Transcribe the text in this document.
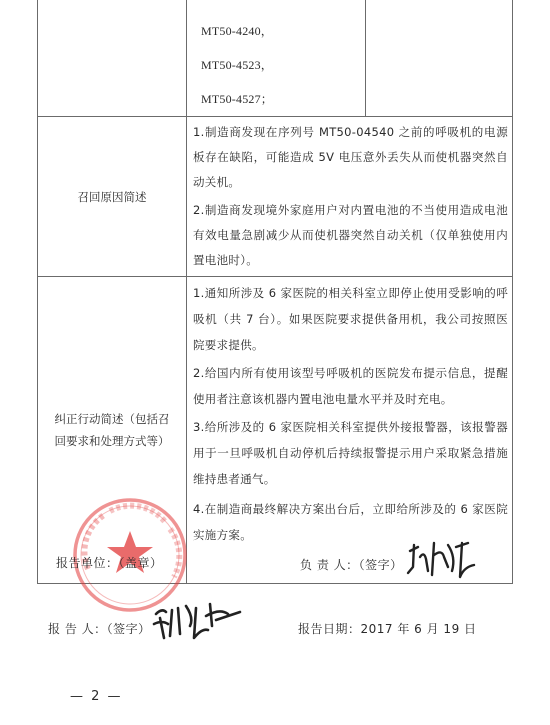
	MT50-4240，
MT50-4523，
MT50-4527；	

召回原因简述	1.制造商发现在序列号 MT50-04540 之前的呼吸机的电源板存在缺陷，可能造成 5V 电压意外丢失从而使机器突然自动关机。
2.制造商发现境外家庭用户对内置电池的不当使用造成电池有效电量急剧减少从而使机器突然自动关机（仅单独使用内置电池时）。	

纠正行动简述（包括召回要求和处理方式等）	1.通知所涉及 6 家医院的相关科室立即停止使用受影响的呼吸机（共 7 台）。如果医院要求提供备用机，我公司按照医院要求提供。
2.给国内所有使用该型号呼吸机的医院发布提示信息，提醒使用者注意该机器内置电池电量水平并及时充电。
3.给所涉及的 6 家医院相关科室提供外接报警器，该报警器用于一旦呼吸机自动停机后持续报警提示用户采取紧急措施维持患者通气。
4.在制造商最终解决方案出台后，立即给所涉及的 6 家医院实施方案。	
报告单位：（盖章）	负 责 人：（签字）
报 告 人：（签字）	报告日期：2017 年 6 月 19 日
— 2 —
